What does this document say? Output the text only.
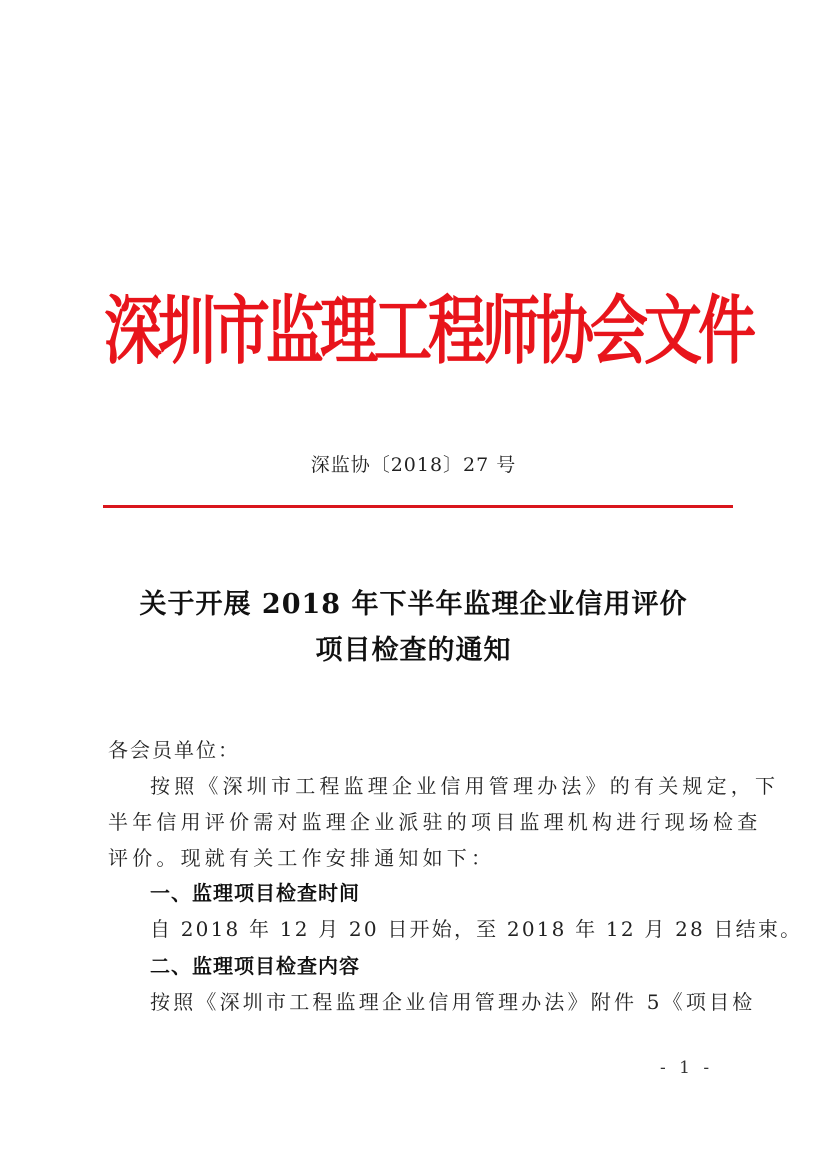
深圳市监理工程师协会文件
深监协〔2018〕27 号
关于开展 2018 年下半年监理企业信用评价
项目检查的通知
各会员单位：
按照《深圳市工程监理企业信用管理办法》的有关规定，下
半年信用评价需对监理企业派驻的项目监理机构进行现场检查
评价。现就有关工作安排通知如下：
一、监理项目检查时间
自 2018 年 12 月 20 日开始，至 2018 年 12 月 28 日结束。
二、监理项目检查内容
按照《深圳市工程监理企业信用管理办法》附件 5《项目检
- 1 -
